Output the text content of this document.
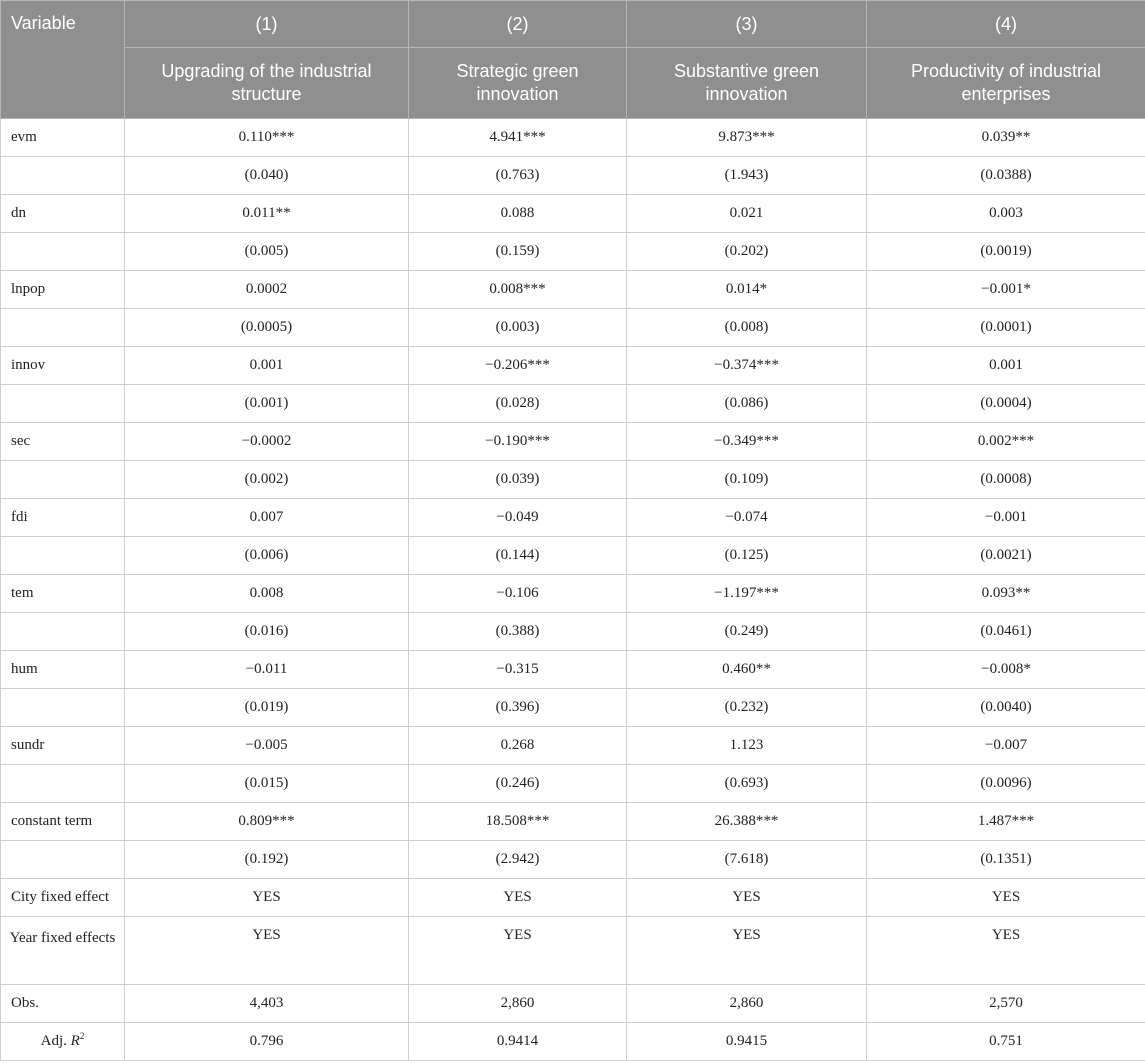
Variable	(1)	(2)	(3)	(4)
	Upgrading of the industrial structure	Strategic green innovation	Substantive green innovation	Productivity of industrial enterprises
evm	0.110***	4.941***	9.873***	0.039**
	(0.040)	(0.763)	(1.943)	(0.0388)
dn	0.011**	0.088	0.021	0.003
	(0.005)	(0.159)	(0.202)	(0.0019)
lnpop	0.0002	0.008***	0.014*	−0.001*
	(0.0005)	(0.003)	(0.008)	(0.0001)
innov	0.001	−0.206***	−0.374***	0.001
	(0.001)	(0.028)	(0.086)	(0.0004)
sec	−0.0002	−0.190***	−0.349***	0.002***
	(0.002)	(0.039)	(0.109)	(0.0008)
fdi	0.007	−0.049	−0.074	−0.001
	(0.006)	(0.144)	(0.125)	(0.0021)
tem	0.008	−0.106	−1.197***	0.093**
	(0.016)	(0.388)	(0.249)	(0.0461)
hum	−0.011	−0.315	0.460**	−0.008*
	(0.019)	(0.396)	(0.232)	(0.0040)
sundr	−0.005	0.268	1.123	−0.007
	(0.015)	(0.246)	(0.693)	(0.0096)
constant term	0.809***	18.508***	26.388***	1.487***
	(0.192)	(2.942)	(7.618)	(0.1351)
City fixed effect	YES	YES	YES	YES
Year fixed effects	YES	YES	YES	YES
Obs.	4,403	2,860	2,860	2,570
Adj. $R^2$	0.796	0.9414	0.9415	0.751
